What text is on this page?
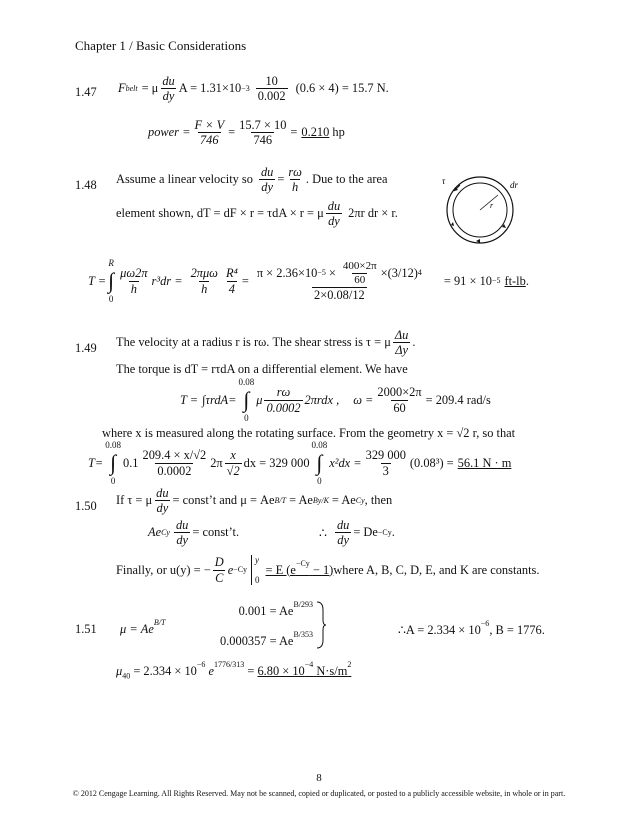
Chapter 1 / Basic Considerations
1.47 F belt = μ $\frac{du}{dy}$ $A = 1.31\times 10 -3 \frac{10}{0.002} (0.6 \times 4) = 15.7$ N.
power = $\frac{F \times V}{746} = \frac{15.7 \times 10}{746} = 0.210$
hp
1.48 Assume a linear velocity so $\frac{du}{dy} = \frac{r\omega}{h}$ . Due to the area
element shown, dT = dF × r = τdA × r = μ $\frac{du}{dy} 2\pi r$ dr × r.
τ	dr
r
T =
R
∫
0
$\frac{\mu\omega 2\pi}{h} r^3dr = \frac{\text{2πμω}}{h} \frac{\text{R⁴}}{4} = \frac{\pi \times 2.36\times 10 -5 \times \frac{400\times 2\pi}{60} \times(3/12) 4}{2\times 0.08/12} = 91 \times 10 -5$ ft-lb .
1.49 The velocity at a radius r is rω. The shear stress is τ = μ $\frac{\Delta u}{\Delta y}$ .
The torque is dT = rτdA on a differential element. We have
T = ∫τrdA=
0.08
∫
0
μ $\frac{r\omega}{0.0002} 2\pi rdx$ , $\omega = \frac{2000\times 2\pi}{60} = 209.4$ rad/s
where x is measured along the rotating surface. From the geometry x = √2 r, so that
T=
0.08
∫
0
$0.1 \frac{209.4 \times x/√2}{0.0002} 2\pi \frac{x}{√2}$ dx = 329 000
0.08
∫
0
$x^2dx = \frac{329 000}{3} (0.08^3) = 56.1$ N · m
1.50 If τ = μ $\frac{du}{dy}$ = const’t and μ = Ae B/T = Ae By/K = Ae Cy , then
Ae Cy $\frac{du}{dy}$ = const’t.	∴ $\frac{du}{dy} = De -Cy$ .
Finally, or u(y) = − $\frac{D}{C}$ e −Cy
y
0
= E $(e^{-Cy} - 1)$ where A, B, C, D, E, and K are constants.
1.51 $\mu = Ae^{B/T}$
$0.001 = Ae^{B/293}$
$0.000357 = Ae^{B/353}$	∴A = $2.334 \times 10^{-6}$, B = 1776.
$\mu_{40} = 2.334 \times 10^{-6}$ $e^{1776/313} = 6.80 \times 10^{-4}$ $N\cdot s/m^2$
8
© 2012 Cengage Learning. All Rights Reserved. May not be scanned, copied or duplicated, or posted to a publicly accessible website, in whole or in part.
